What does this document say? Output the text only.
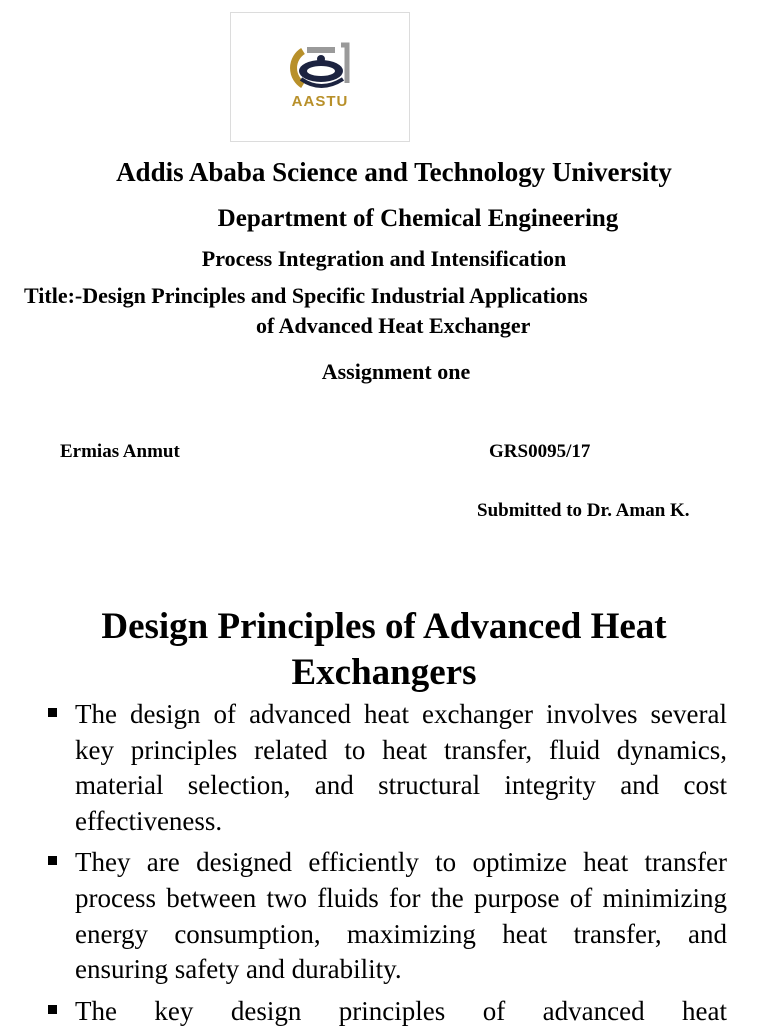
AASTU
Addis Ababa Science and Technology University
Department of Chemical Engineering
Process Integration and Intensification
Title:-Design Principles and Specific Industrial Applications
of Advanced Heat Exchanger
Assignment one
Ermias Anmut	GRS0095/17
Submitted to Dr. Aman K.
Design Principles of Advanced Heat
Exchangers
The design of advanced heat exchanger involves several key principles related to heat transfer, fluid dynamics, material selection, and structural integrity and cost effectiveness.
They are designed efficiently to optimize heat transfer process between two fluids for the purpose of minimizing energy consumption, maximizing heat transfer, and ensuring safety and durability.
The key design principles of advanced heat
